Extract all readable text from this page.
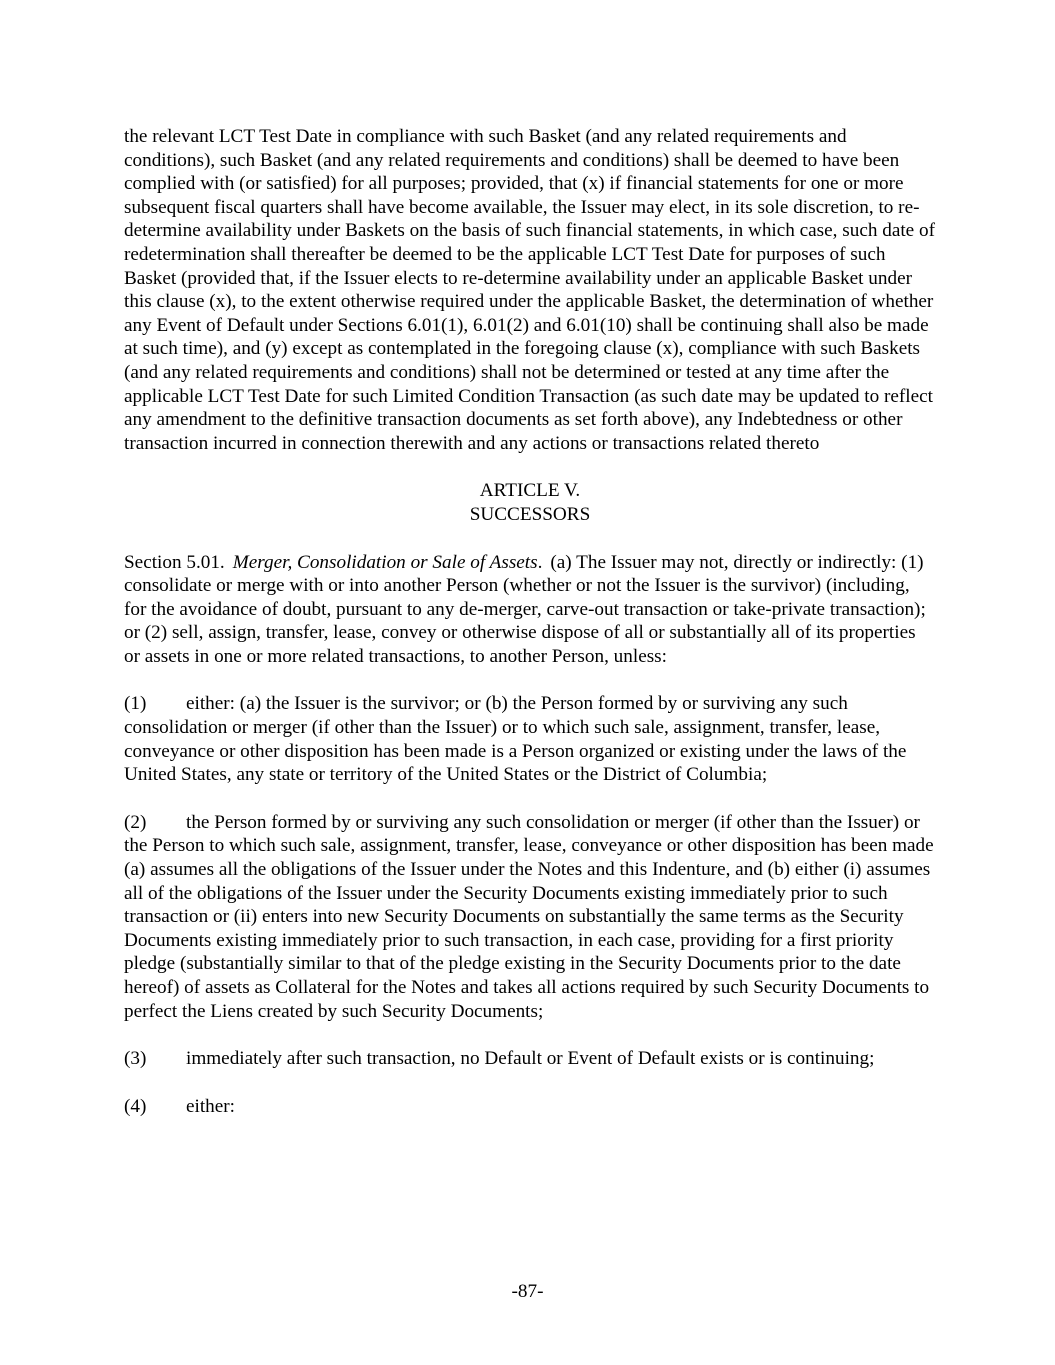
the relevant LCT Test Date in compliance with such Basket (and any related requirements and conditions), such Basket (and any related requirements and conditions) shall be deemed to have been complied with (or satisfied) for all purposes; provided, that (x) if financial statements for one or more subsequent fiscal quarters shall have become available, the Issuer may elect, in its sole discretion, to re-determine availability under Baskets on the basis of such financial statements, in which case, such date of redetermination shall thereafter be deemed to be the applicable LCT Test Date for purposes of such Basket (provided that, if the Issuer elects to re-determine availability under an applicable Basket under this clause (x), to the extent otherwise required under the applicable Basket, the determination of whether any Event of Default under Sections 6.01(1), 6.01(2) and 6.01(10) shall be continuing shall also be made at such time), and (y) except as contemplated in the foregoing clause (x), compliance with such Baskets (and any related requirements and conditions) shall not be determined or tested at any time after the applicable LCT Test Date for such Limited Condition Transaction (as such date may be updated to reflect any amendment to the definitive transaction documents as set forth above), any Indebtedness or other transaction incurred in connection therewith and any actions or transactions related thereto

ARTICLE V.
SUCCESSORS

Section 5.01. Merger, Consolidation or Sale of Assets. (a) The Issuer may not, directly or indirectly: (1) consolidate or merge with or into another Person (whether or not the Issuer is the survivor) (including, for the avoidance of doubt, pursuant to any de-merger, carve-out transaction or take-private transaction); or (2) sell, assign, transfer, lease, convey or otherwise dispose of all or substantially all of its properties or assets in one or more related transactions, to another Person, unless:

(1) either: (a) the Issuer is the survivor; or (b) the Person formed by or surviving any such consolidation or merger (if other than the Issuer) or to which such sale, assignment, transfer, lease, conveyance or other disposition has been made is a Person organized or existing under the laws of the United States, any state or territory of the United States or the District of Columbia;

(2) the Person formed by or surviving any such consolidation or merger (if other than the Issuer) or the Person to which such sale, assignment, transfer, lease, conveyance or other disposition has been made (a) assumes all the obligations of the Issuer under the Notes and this Indenture, and (b) either (i) assumes all of the obligations of the Issuer under the Security Documents existing immediately prior to such transaction or (ii) enters into new Security Documents on substantially the same terms as the Security Documents existing immediately prior to such transaction, in each case, providing for a first priority pledge (substantially similar to that of the pledge existing in the Security Documents prior to the date hereof) of assets as Collateral for the Notes and takes all actions required by such Security Documents to perfect the Liens created by such Security Documents;

(3) immediately after such transaction, no Default or Event of Default exists or is continuing;

(4) either:

-87-
